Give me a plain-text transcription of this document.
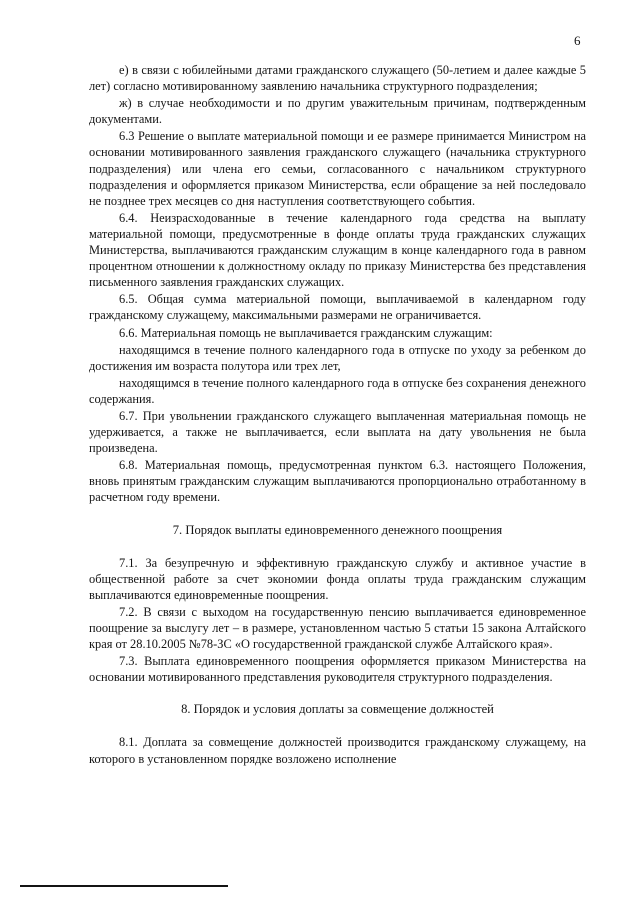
6

е) в связи с юбилейными датами гражданского служащего (50-летием и далее каждые 5 лет) согласно мотивированному заявлению начальника структурного подразделения;

ж) в случае необходимости и по другим уважительным причинам, подтвержденным документами.

6.3 Решение о выплате материальной помощи и ее размере принимается Министром на основании мотивированного заявления гражданского служащего (начальника структурного подразделения) или члена его семьи, согласованного с начальником структурного подразделения и оформляется приказом Министерства, если обращение за ней последовало не позднее трех месяцев со дня наступления соответствующего события.

6.4. Неизрасходованные в течение календарного года средства на выплату материальной помощи, предусмотренные в фонде оплаты труда гражданских служащих Министерства, выплачиваются гражданским служащим в конце календарного года в равном процентном отношении к должностному окладу по приказу Министерства без представления письменного заявления гражданских служащих.

6.5. Общая сумма материальной помощи, выплачиваемой в календарном году гражданскому служащему, максимальными размерами не ограничивается.

6.6. Материальная помощь не выплачивается гражданским служащим:

находящимся в течение полного календарного года в отпуске по уходу за ребенком до достижения им возраста полутора или трех лет,

находящимся в течение полного календарного года в отпуске без сохранения денежного содержания.

6.7. При увольнении гражданского служащего выплаченная материальная помощь не удерживается, а также не выплачивается, если выплата на дату увольнения не была произведена.

6.8. Материальная помощь, предусмотренная пунктом 6.3. настоящего Положения, вновь принятым гражданским служащим выплачиваются пропорционально отработанному в расчетном году времени.

7. Порядок выплаты единовременного денежного поощрения

7.1. За безупречную и эффективную гражданскую службу и активное участие в общественной работе за счет экономии фонда оплаты труда гражданским служащим выплачиваются единовременные поощрения.

7.2. В связи с выходом на государственную пенсию выплачивается единовременное поощрение за выслугу лет – в размере, установленном частью 5 статьи 15 закона Алтайского края от 28.10.2005 №78-ЗС «О государственной гражданской службе Алтайского края».

7.3. Выплата единовременного поощрения оформляется приказом Министерства на основании мотивированного представления руководителя структурного подразделения.

8. Порядок и условия доплаты за совмещение должностей

8.1. Доплата за совмещение должностей производится гражданскому служащему, на которого в установленном порядке возложено исполнение
